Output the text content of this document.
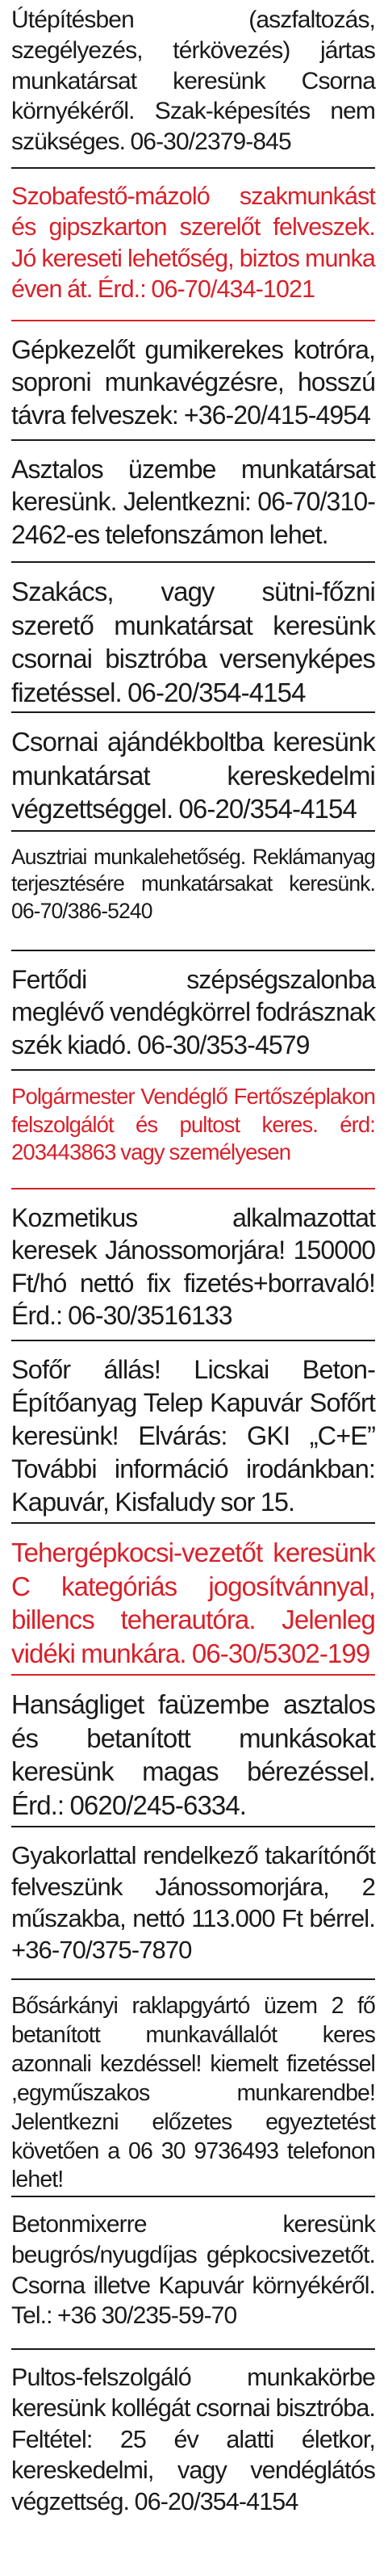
Útépítésben (aszfaltozás, szegélyezés, térkövezés) jártas munkatársat keresünk Csorna környékéről. Szak-képesítés nem szükséges. 06-30/2379-845
Szobafestő-mázoló szakmunkást és gipszkarton szerelőt felveszek. Jó kereseti lehetőség, biztos munka éven át. Érd.: 06-70/434-1021
Gépkezelőt gumikerekes kotróra, soproni munkavégzésre, hosszú távra felveszek: +36-20/415-4954
Asztalos üzembe munkatársat keresünk. Jelentkezni: 06-70/310-2462-es telefonszámon lehet.
Szakács, vagy sütni-főzni szerető munkatársat keresünk csornai bisztróba versenyképes fizetéssel. 06-20/354-4154
Csornai ajándékboltba keresünk munkatársat kereskedelmi végzettséggel. 06-20/354-4154
Ausztriai munkalehetőség. Reklámanyag terjesztésére munkatársakat keresünk. 06-70/386-5240
Fertődi szépségszalonba meglévő vendégkörrel fodrásznak szék kiadó. 06-30/353-4579
Polgármester Vendéglő Fertőszéplakon felszolgálót és pultost keres. érd: 203443863 vagy személyesen
Kozmetikus alkalmazottat keresek Jánossomorjára! 150000 Ft/hó nettó fix fizetés+borravaló! Érd.: 06-30/3516133
Sofőr állás! Licskai Beton-Építőanyag Telep Kapuvár Sofőrt keresünk! Elvárás: GKI „C+E” További információ irodánkban: Kapuvár, Kisfaludy sor 15.
Tehergépkocsi-vezetőt keresünk C kategóriás jogosítvánnyal, billencs teherautóra. Jelenleg vidéki munkára. 06-30/5302-199
Hanságliget faüzembe asztalos és betanított munkásokat keresünk magas bérezéssel. Érd.: 0620/245-6334.
Gyakorlattal rendelkező takarítónőt felveszünk Jánossomorjára, 2 műszakba, nettó 113.000 Ft bérrel. +36-70/375-7870
Bősárkányi raklapgyártó üzem 2 fő betanított munkavállalót keres azonnali kezdéssel! kiemelt fizetéssel ,egyműszakos munkarendbe! Jelentkezni előzetes egyeztetést követően a 06 30 9736493 telefonon lehet!
Betonmixerre keresünk beugrós/nyugdíjas gépkocsivezetőt. Csorna illetve Kapuvár környékéről. Tel.: +36 30/235-59-70
Pultos-felszolgáló munkakörbe keresünk kollégát csornai bisztróba. Feltétel: 25 év alatti életkor, kereskedelmi, vagy vendéglátós végzettség. 06-20/354-4154
